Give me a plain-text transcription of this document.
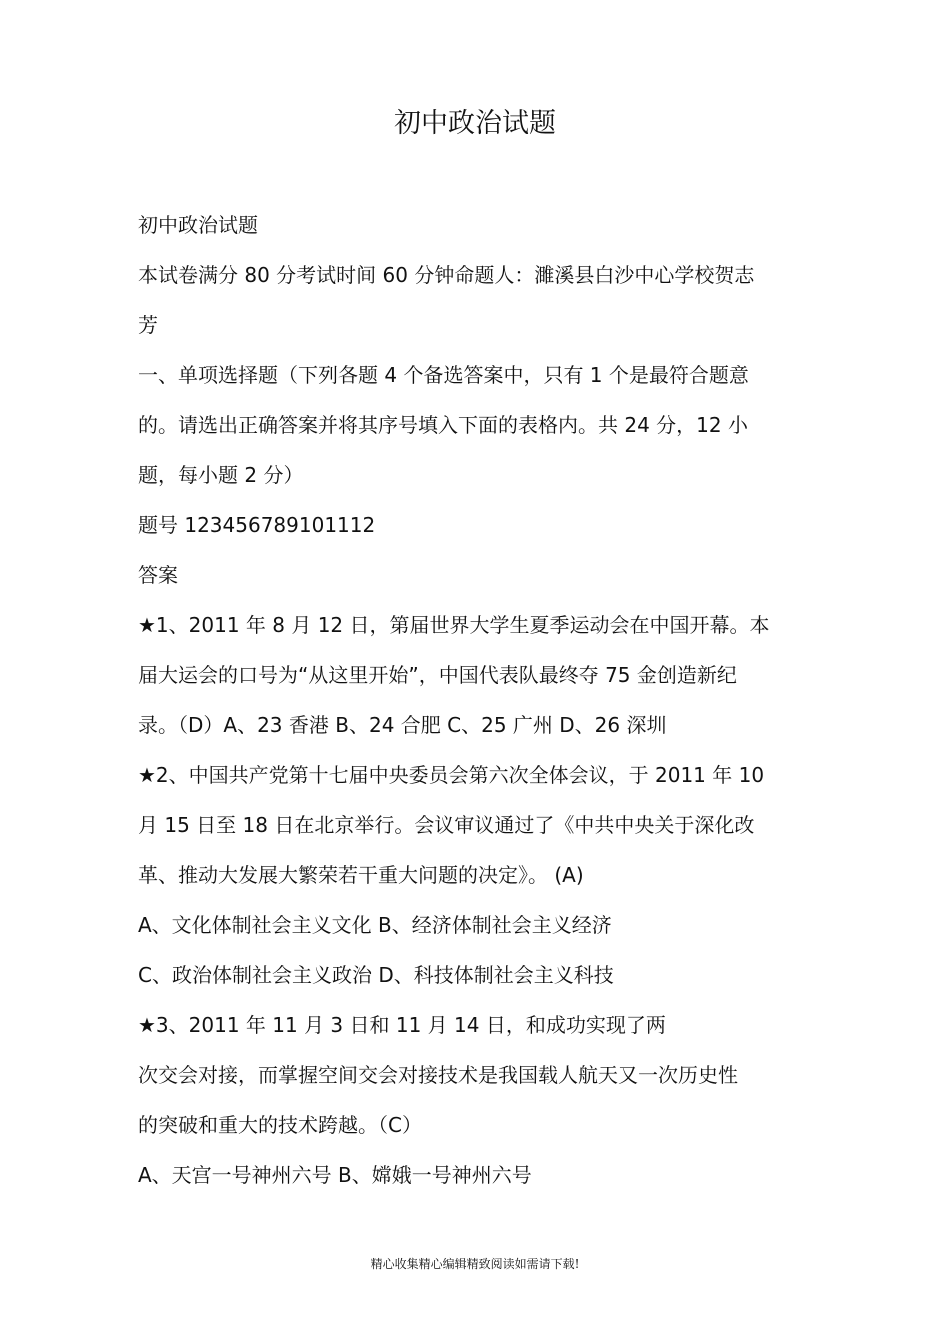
初中政治试题
初中政治试题
本试卷满分 80 分考试时间 60 分钟命题人：濉溪县白沙中心学校贺志
芳
一、单项选择题（下列各题 4 个备选答案中，只有 1 个是最符合题意
的。请选出正确答案并将其序号填入下面的表格内。共 24 分，12 小
题，每小题 2 分）
题号 123456789101112
答案
★1、2011 年 8 月 12 日，第届世界大学生夏季运动会在中国开幕。本
届大运会的口号为“从这里开始”，中国代表队最终夺 75 金创造新纪
录。（D）A、23 香港 B、24 合肥 C、25 广州 D、26 深圳
★2、中国共产党第十七届中央委员会第六次全体会议，于 2011 年 10
月 15 日至 18 日在北京举行。会议审议通过了《中共中央关于深化改
革、推动大发展大繁荣若干重大问题的决定》。 (A)
A、文化体制社会主义文化 B、经济体制社会主义经济
C、政治体制社会主义政治 D、科技体制社会主义科技
★3、2011 年 11 月 3 日和 11 月 14 日，和成功实现了两
次交会对接，而掌握空间交会对接技术是我国载人航天又一次历史性
的突破和重大的技术跨越。（C）
A、天宫一号神州六号 B、嫦娥一号神州六号
精心收集精心编辑精致阅读如需请下载!
